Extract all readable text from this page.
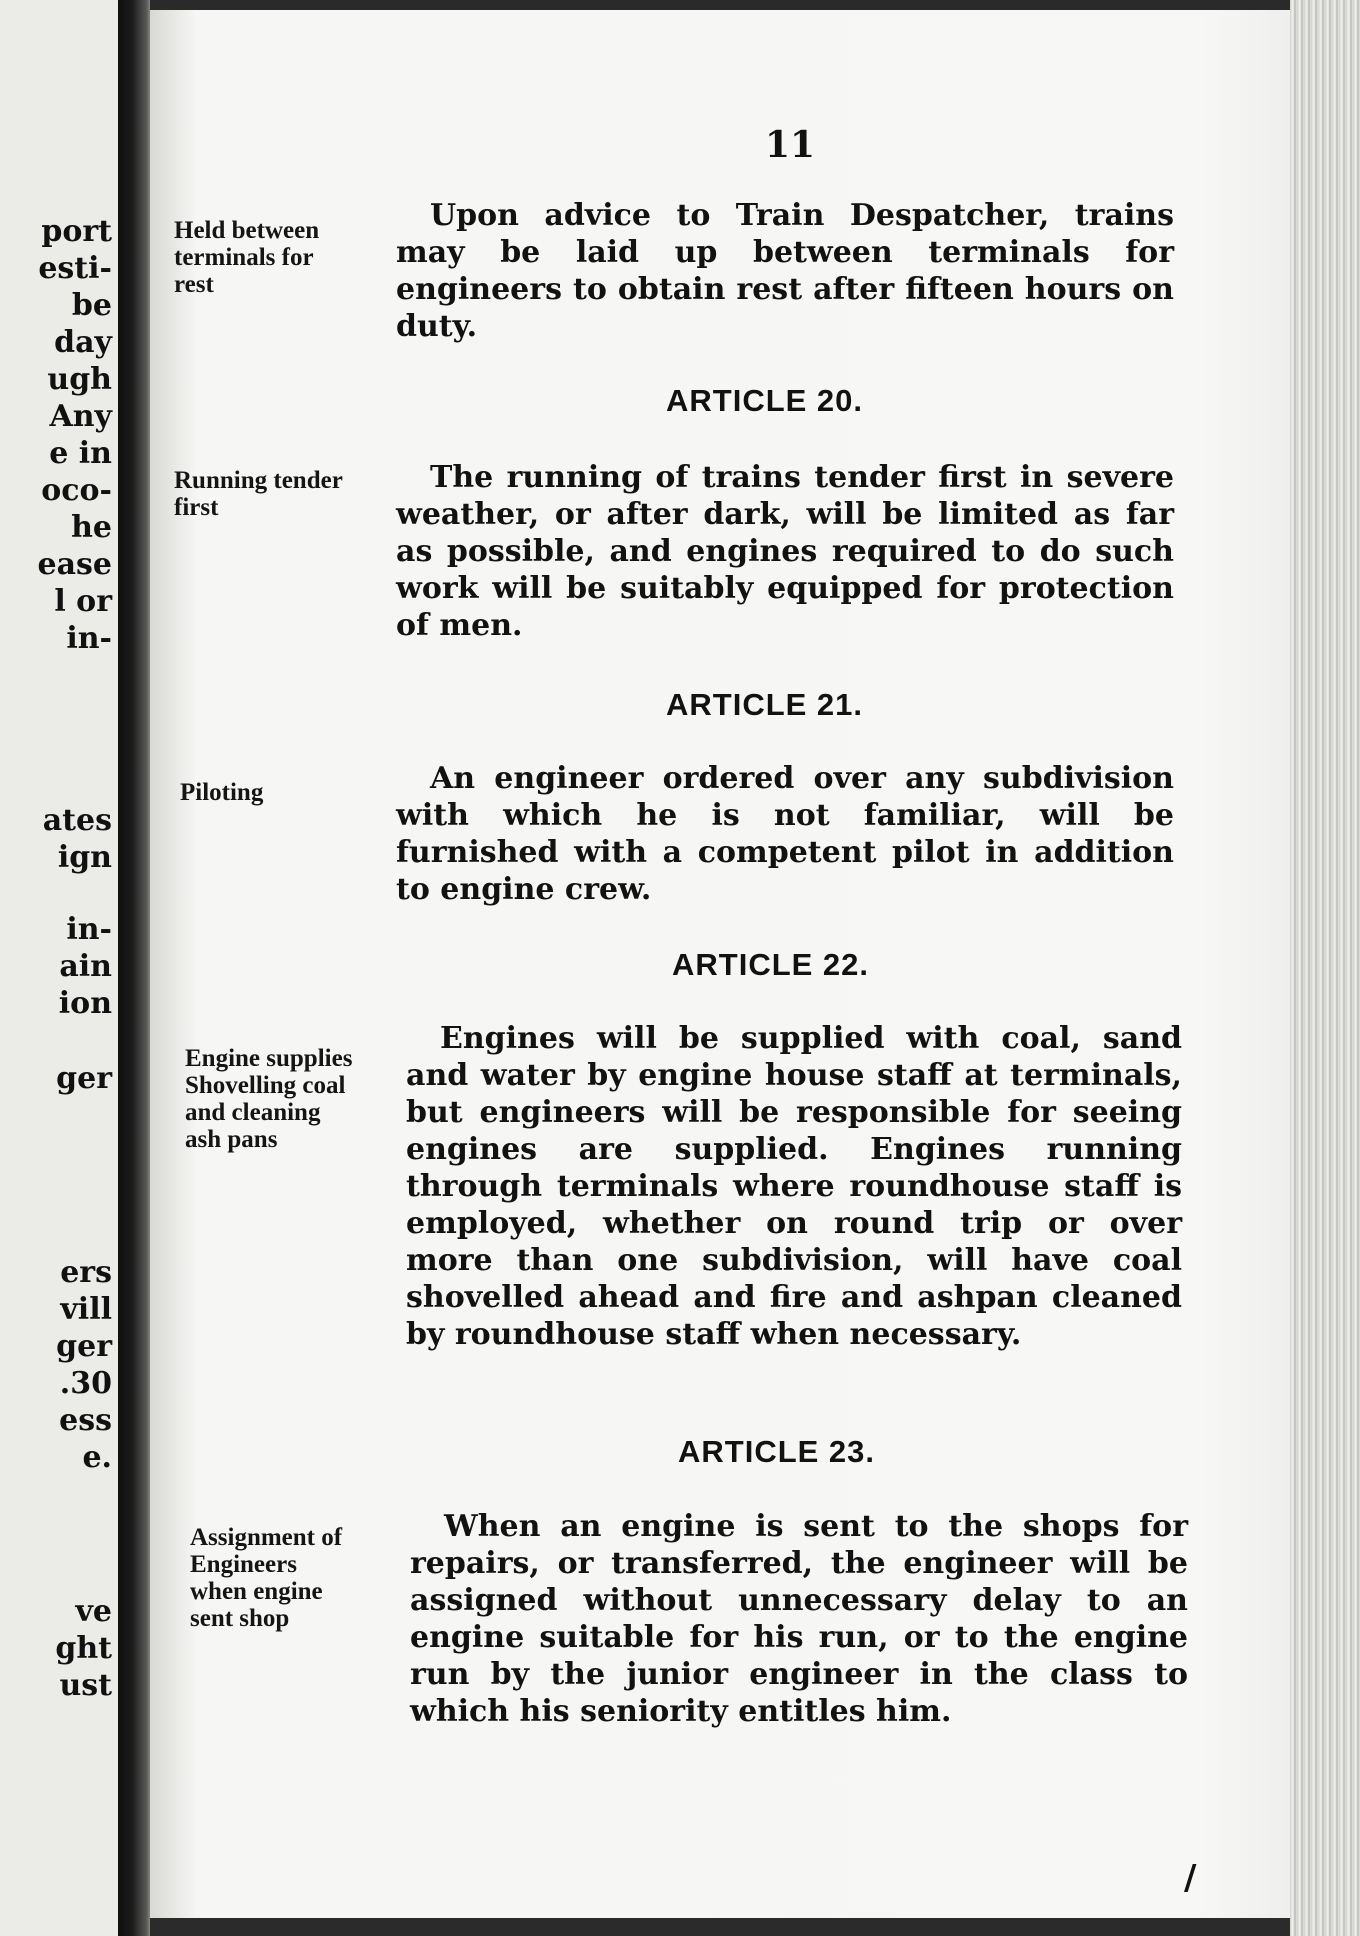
port
esti-
be
day
ugh
Any
e in
oco-
he
ease
l or
in-
ates
ign
in-
ain
ion
ger
ers
vill
ger
.30
ess
e.
ve
ght
ust
11
Held between
terminals for
rest

Upon advice to Train Despatcher, trains may be laid up between terminals for engineers to obtain rest after fifteen hours on duty.

ARTICLE 20.
Running tender
first

The running of trains tender first in severe weather, or after dark, will be limited as far as possible, and engines required to do such work will be suitably equipped for protection of men.

ARTICLE 21.
Piloting	An engineer ordered over any subdivision with which he is not familiar, will be furnished with a competent pilot in addition to engine crew.

ARTICLE 22.
Engine supplies
Shovelling coal
and cleaning
ash pans

Engines will be supplied with coal, sand and water by engine house staff at terminals, but engineers will be responsible for seeing engines are supplied. Engines running through terminals where roundhouse staff is employed, whether on round trip or over more than one subdivision, will have coal shovelled ahead and fire and ashpan cleaned by roundhouse staff when necessary.

ARTICLE 23.
Assignment of
Engineers
when engine
sent shop

When an engine is sent to the shops for repairs, or transferred, the engineer will be assigned without unnecessary delay to an engine suitable for his run, or to the engine run by the junior engineer in the class to which his seniority entitles him.

/
